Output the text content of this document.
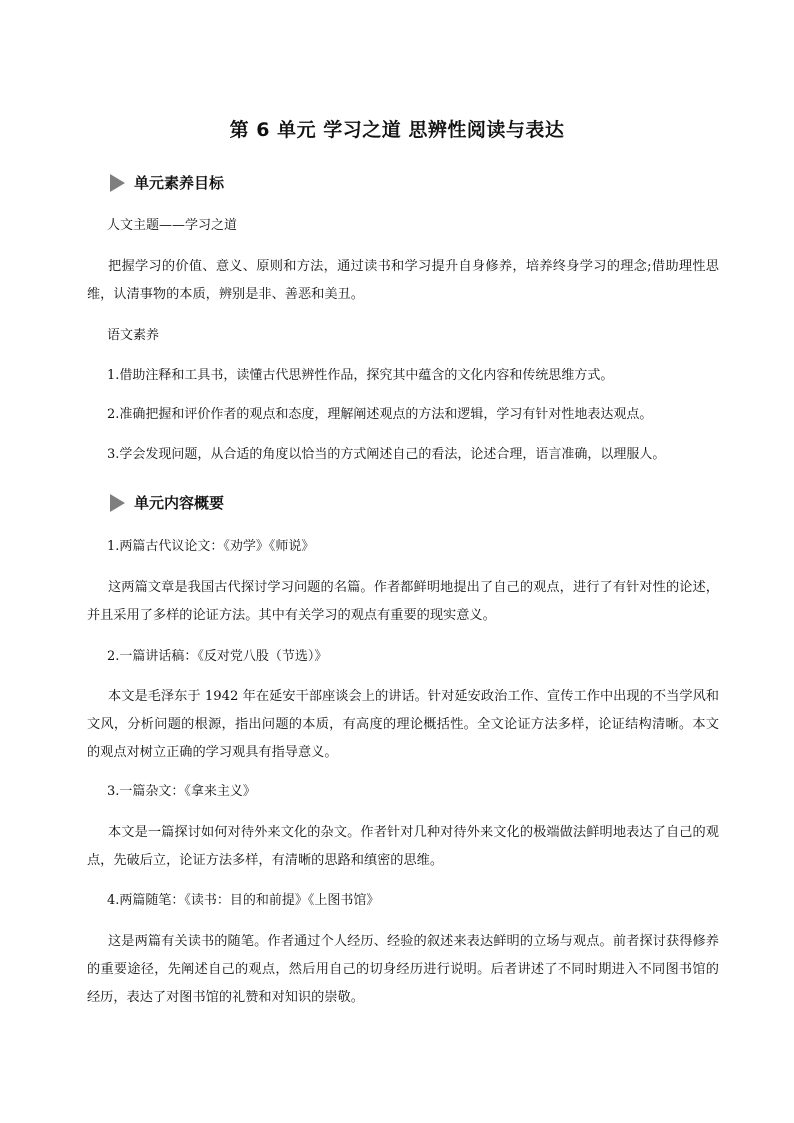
第 6 单元 学习之道 思辨性阅读与表达
单元素养目标
人文主题——学习之道
把握学习的价值、意义、原则和方法，通过读书和学习提升自身修养，培养终身学习的理念;借助理性思维，认清事物的本质，辨别是非、善恶和美丑。
语文素养
1.借助注释和工具书，读懂古代思辨性作品，探究其中蕴含的文化内容和传统思维方式。
2.准确把握和评价作者的观点和态度，理解阐述观点的方法和逻辑，学习有针对性地表达观点。
3.学会发现问题，从合适的角度以恰当的方式阐述自己的看法，论述合理，语言准确，以理服人。
单元内容概要
1.两篇古代议论文：《劝学》《师说》
这两篇文章是我国古代探讨学习问题的名篇。作者都鲜明地提出了自己的观点，进行了有针对性的论述，并且采用了多样的论证方法。其中有关学习的观点有重要的现实意义。
2.一篇讲话稿：《反对党八股（节选）》
本文是毛泽东于 1942 年在延安干部座谈会上的讲话。针对延安政治工作、宣传工作中出现的不当学风和文风，分析问题的根源，指出问题的本质，有高度的理论概括性。全文论证方法多样，论证结构清晰。本文的观点对树立正确的学习观具有指导意义。
3.一篇杂文：《拿来主义》
本文是一篇探讨如何对待外来文化的杂文。作者针对几种对待外来文化的极端做法鲜明地表达了自己的观点，先破后立，论证方法多样，有清晰的思路和缜密的思维。
4.两篇随笔：《读书：目的和前提》《上图书馆》
这是两篇有关读书的随笔。作者通过个人经历、经验的叙述来表达鲜明的立场与观点。前者探讨获得修养的重要途径，先阐述自己的观点，然后用自己的切身经历进行说明。后者讲述了不同时期进入不同图书馆的经历，表达了对图书馆的礼赞和对知识的崇敬。
